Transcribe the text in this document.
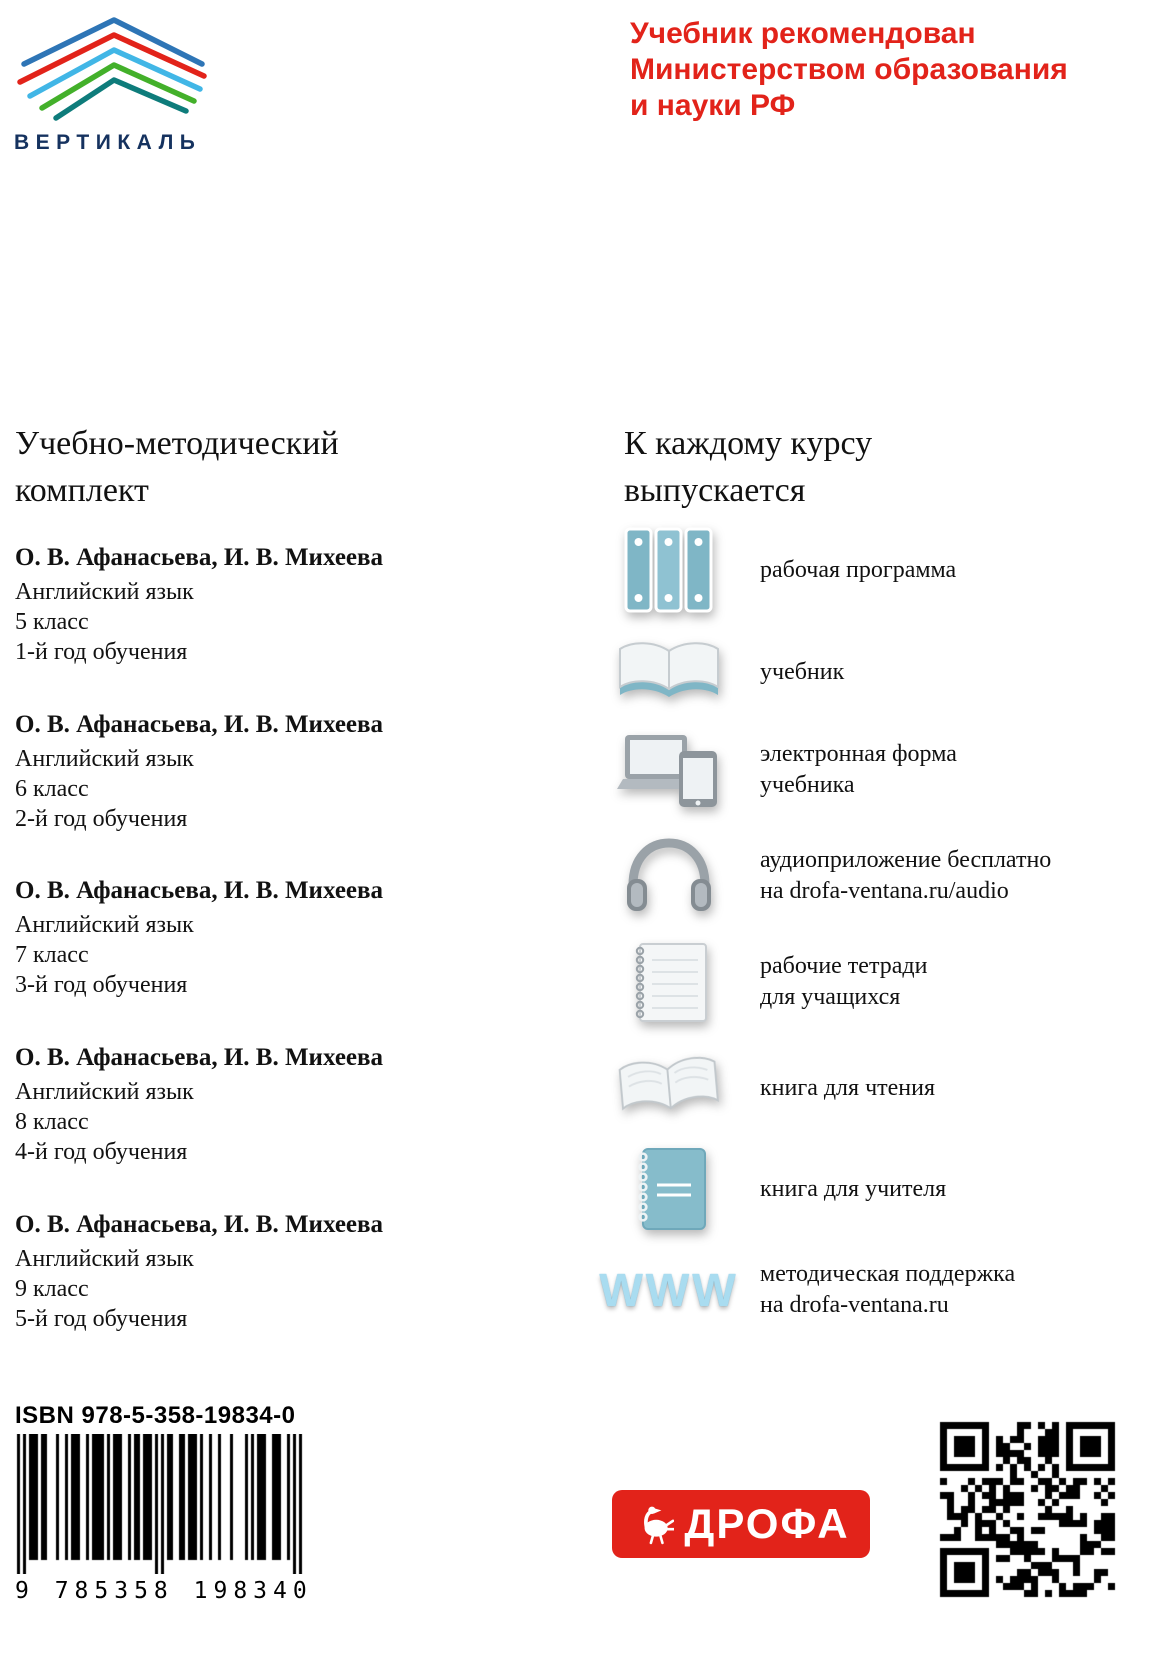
ВЕРТИКАЛЬ
Учебник рекомендован
Министерством образования
и науки РФ
Учебно-методический
комплект
О. В. Афанасьева, И. В. Михеева
Английский язык
5 класс
1-й год обучения
О. В. Афанасьева, И. В. Михеева
Английский язык
6 класс
2-й год обучения
О. В. Афанасьева, И. В. Михеева
Английский язык
7 класс
3-й год обучения
О. В. Афанасьева, И. В. Михеева
Английский язык
8 класс
4-й год обучения
О. В. Афанасьева, И. В. Михеева
Английский язык
9 класс
5-й год обучения
К каждому курсу
выпускается
рабочая программа
учебник
электронная форма
учебника
аудиоприложение бесплатно
на drofa-ventana.ru/audio
рабочие тетради
для учащихся
книга для чтения
книга для учителя
WWW методическая поддержка
на drofa-ventana.ru
ISBN 978-5-358-19834-0
9 785358 198340
ДРОФА
